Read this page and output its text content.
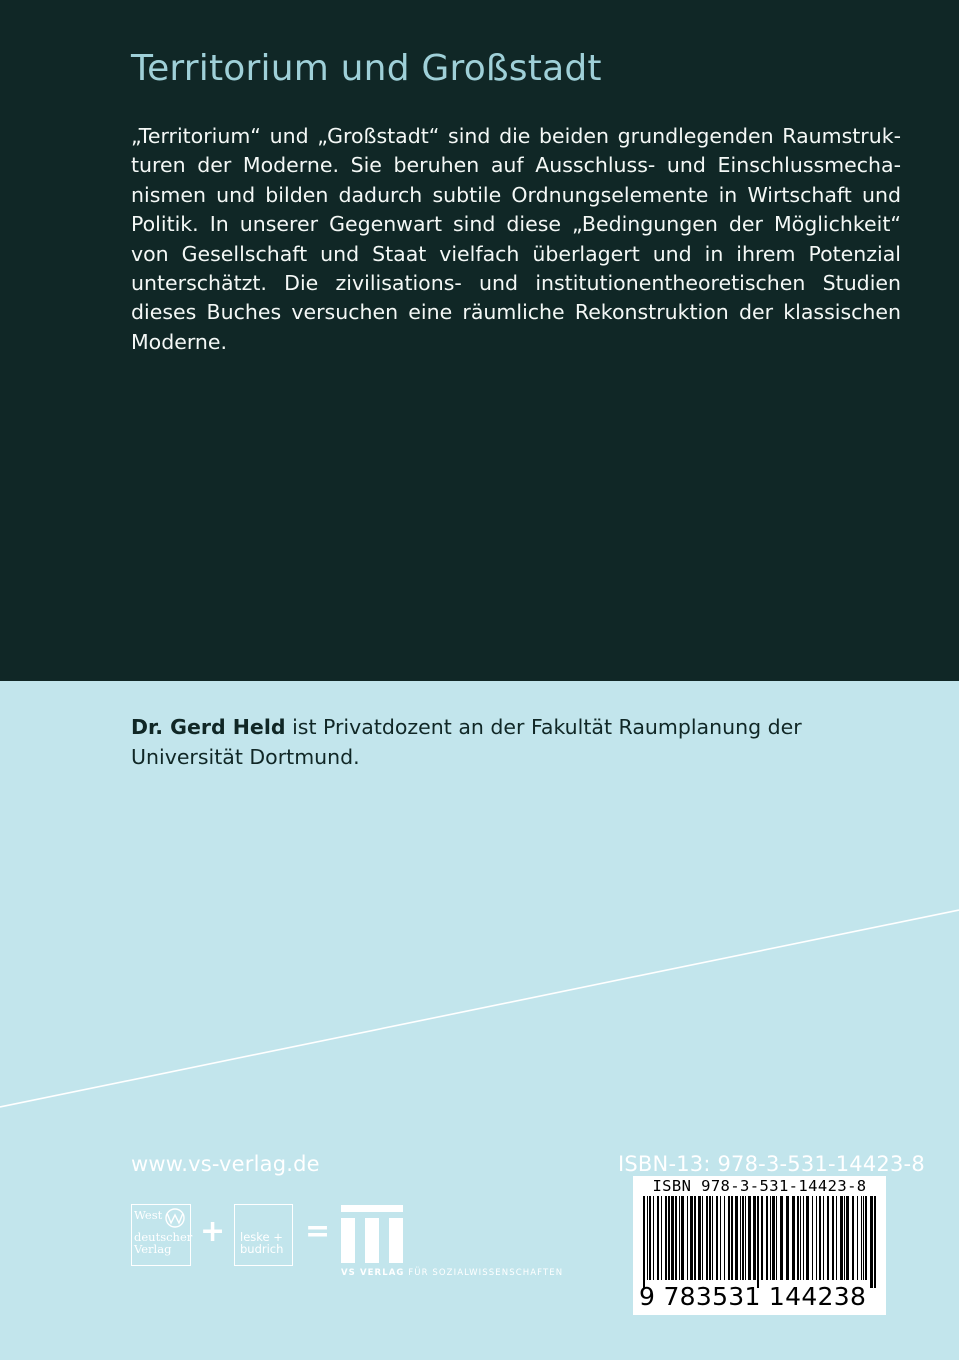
Territorium und Großstadt

„Territorium“ und „Großstadt“ sind die beiden grundlegenden Raumstruk-
turen der Moderne. Sie beruhen auf Ausschluss- und Einschlussmecha-
nismen und bilden dadurch subtile Ordnungselemente in Wirtschaft und
Politik. In unserer Gegenwart sind diese „Bedingungen der Möglichkeit“
von Gesellschaft und Staat vielfach überlagert und in ihrem Potenzial
unterschätzt. Die zivilisations- und institutionentheoretischen Studien
dieses Buches versuchen eine räumliche Rekonstruktion der klassischen
Moderne.

Dr. Gerd Held ist Privatdozent an der Fakultät Raumplanung der
Universität Dortmund.

www.vs-verlag.de	ISBN-13: 978-3-531-14423-8
ISBN 978-3-531-14423-8
9 783531 144238
West
deutscher
Verlag + leske +
budrich =
VS VERLAG FÜR SOZIALWISSENSCHAFTEN
